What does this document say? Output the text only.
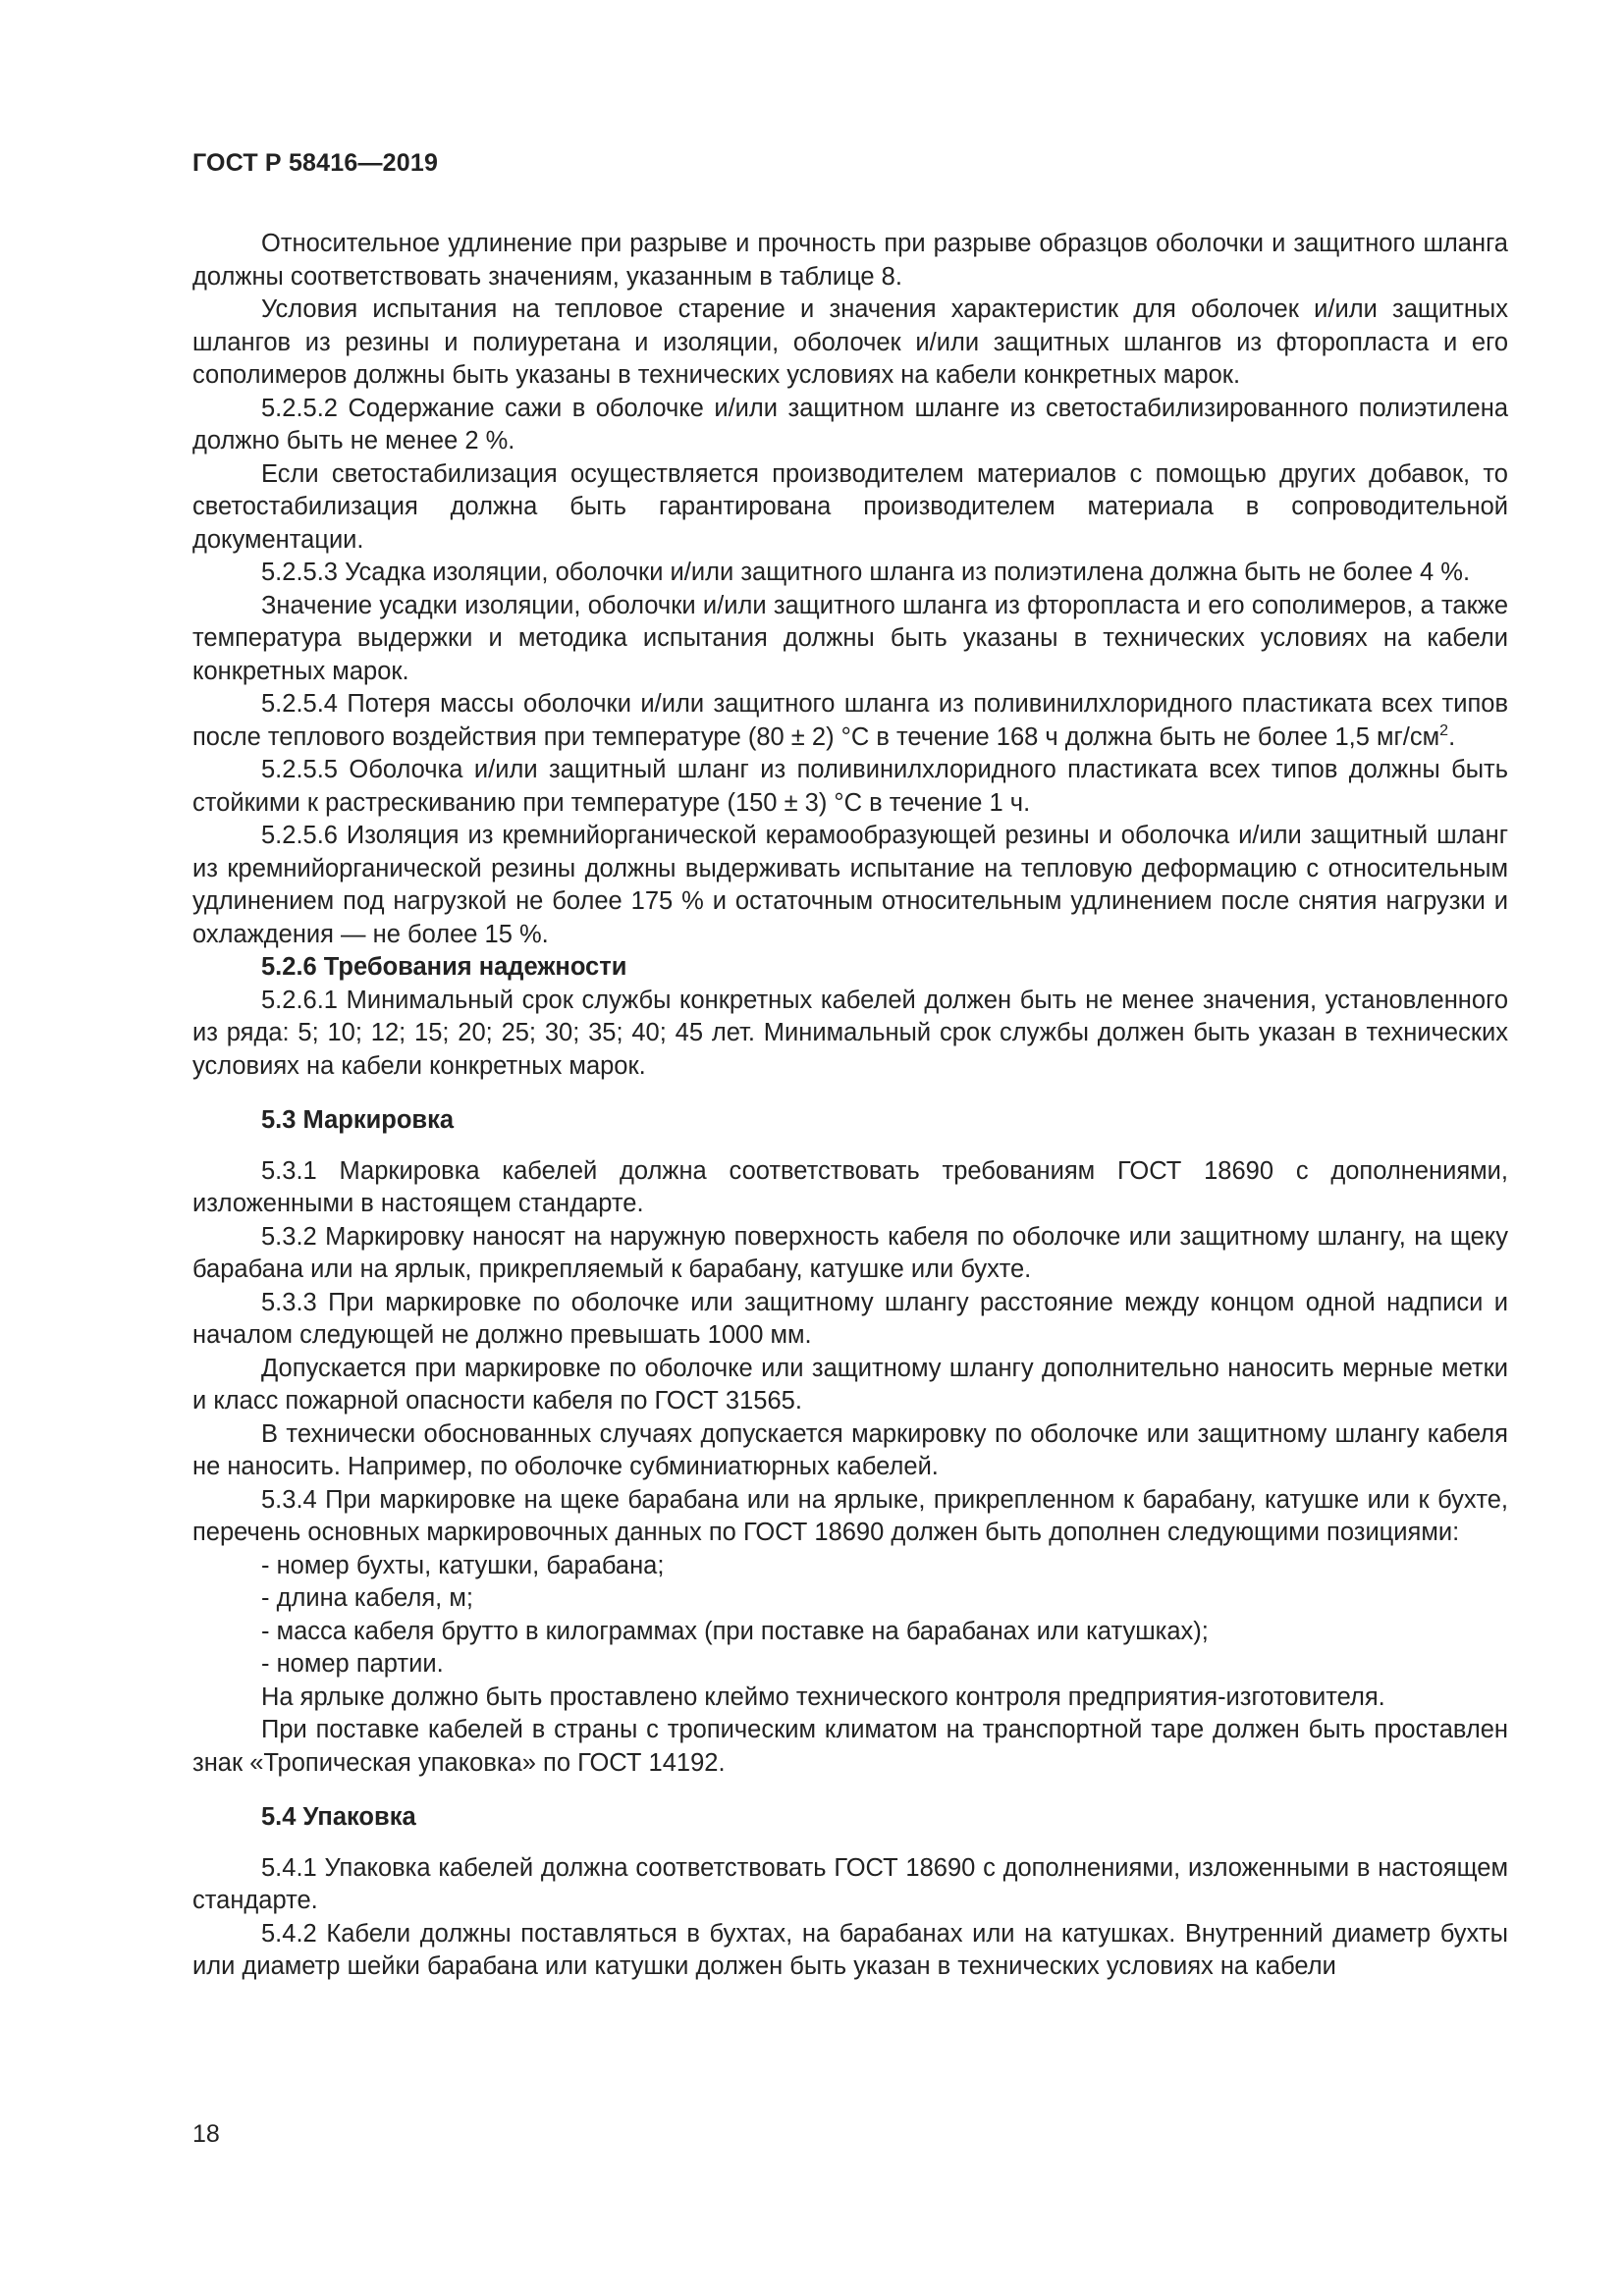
ГОСТ Р 58416—2019

Относительное удлинение при разрыве и прочность при разрыве образцов оболочки и защитного шланга должны соответствовать значениям, указанным в таблице 8.

Условия испытания на тепловое старение и значения характеристик для оболочек и/или защитных шлангов из резины и полиуретана и изоляции, оболочек и/или защитных шлангов из фторопласта и его сополимеров должны быть указаны в технических условиях на кабели конкретных марок.

5.2.5.2 Содержание сажи в оболочке и/или защитном шланге из светостабилизированного полиэтилена должно быть не менее 2 %.

Если светостабилизация осуществляется производителем материалов с помощью других добавок, то светостабилизация должна быть гарантирована производителем материала в сопроводительной документации.

5.2.5.3 Усадка изоляции, оболочки и/или защитного шланга из полиэтилена должна быть не более 4 %.

Значение усадки изоляции, оболочки и/или защитного шланга из фторопласта и его сополимеров, а также температура выдержки и методика испытания должны быть указаны в технических условиях на кабели конкретных марок.

5.2.5.4 Потеря массы оболочки и/или защитного шланга из поливинилхлоридного пластиката всех типов после теплового воздействия при температуре (80 ± 2) °С в течение 168 ч должна быть не более 1,5 $мг/см^2$.

5.2.5.5 Оболочка и/или защитный шланг из поливинилхлоридного пластиката всех типов должны быть стойкими к растрескиванию при температуре (150 ± 3) °С в течение 1 ч.

5.2.5.6 Изоляция из кремнийорганической керамообразующей резины и оболочка и/или защитный шланг из кремнийорганической резины должны выдерживать испытание на тепловую деформацию с относительным удлинением под нагрузкой не более 175 % и остаточным относительным удлинением после снятия нагрузки и охлаждения — не более 15 %.

5.2.6 Требования надежности

5.2.6.1 Минимальный срок службы конкретных кабелей должен быть не менее значения, установленного из ряда: 5; 10; 12; 15; 20; 25; 30; 35; 40; 45 лет. Минимальный срок службы должен быть указан в технических условиях на кабели конкретных марок.

5.3 Маркировка

5.3.1 Маркировка кабелей должна соответствовать требованиям ГОСТ 18690 с дополнениями, изложенными в настоящем стандарте.

5.3.2 Маркировку наносят на наружную поверхность кабеля по оболочке или защитному шлангу, на щеку барабана или на ярлык, прикрепляемый к барабану, катушке или бухте.

5.3.3 При маркировке по оболочке или защитному шлангу расстояние между концом одной надписи и началом следующей не должно превышать 1000 мм.

Допускается при маркировке по оболочке или защитному шлангу дополнительно наносить мерные метки и класс пожарной опасности кабеля по ГОСТ 31565.

В технически обоснованных случаях допускается маркировку по оболочке или защитному шлангу кабеля не наносить. Например, по оболочке субминиатюрных кабелей.

5.3.4 При маркировке на щеке барабана или на ярлыке, прикрепленном к барабану, катушке или к бухте, перечень основных маркировочных данных по ГОСТ 18690 должен быть дополнен следующими позициями:

- номер бухты, катушки, барабана;

- длина кабеля, м;

- масса кабеля брутто в килограммах (при поставке на барабанах или катушках);

- номер партии.

На ярлыке должно быть проставлено клеймо технического контроля предприятия-изготовителя.

При поставке кабелей в страны с тропическим климатом на транспортной таре должен быть проставлен знак «Тропическая упаковка» по ГОСТ 14192.

5.4 Упаковка

5.4.1 Упаковка кабелей должна соответствовать ГОСТ 18690 с дополнениями, изложенными в настоящем стандарте.

5.4.2 Кабели должны поставляться в бухтах, на барабанах или на катушках. Внутренний диаметр бухты или диаметр шейки барабана или катушки должен быть указан в технических условиях на кабели

18
